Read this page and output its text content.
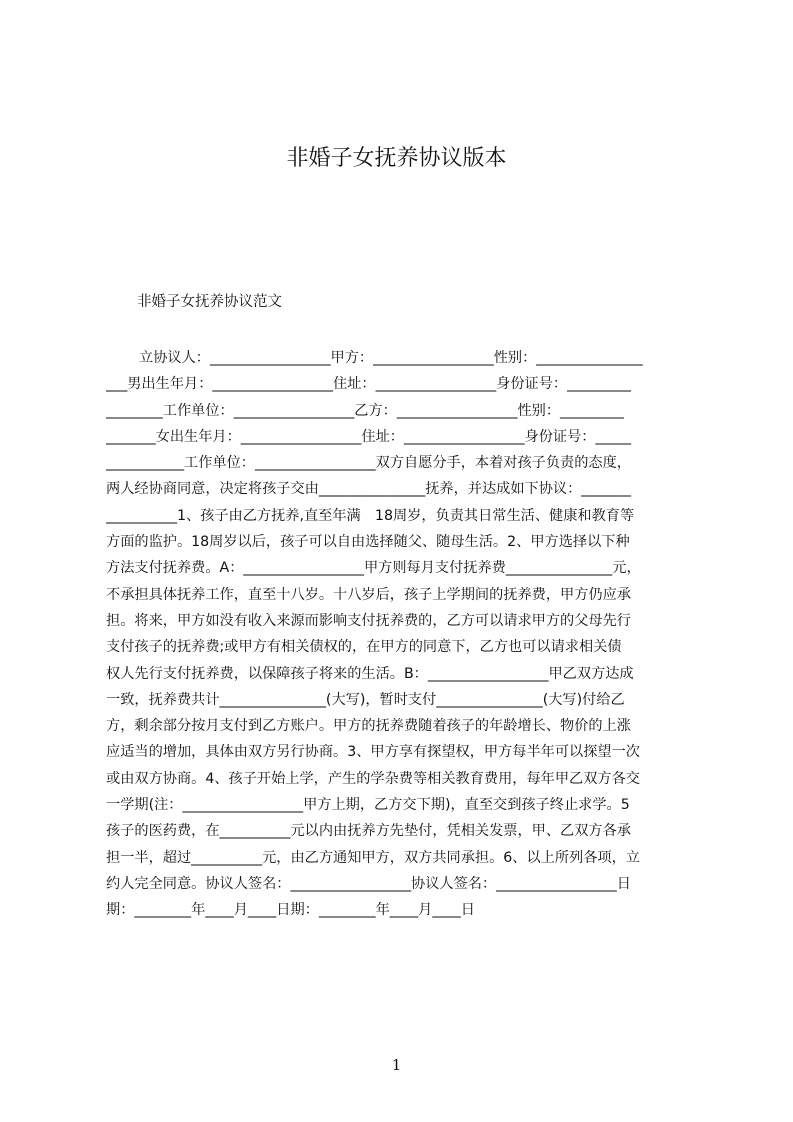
非婚子女抚养协议版本

非婚子女抚养协议范文

立协议人：_________________甲方：_________________性别：_______________
___男出生年月：_________________住址：_________________身份证号：_________
________工作单位：_________________乙方：_________________性别：_________
_______女出生年月：_________________住址：_________________身份证号：_____
___________工作单位：_________________双方自愿分手，本着对孩子负责的态度，
两人经协商同意，决定将孩子交由_______________抚养，并达成如下协议：_______
__________1、孩子由乙方抚养,直至年满　18周岁，负责其日常生活、健康和教育等
方面的监护。18周岁以后，孩子可以自由选择随父、随母生活。2、甲方选择以下种
方法支付抚养费。A：_________________甲方则每月支付抚养费_______________元，
不承担具体抚养工作，直至十八岁。十八岁后，孩子上学期间的抚养费，甲方仍应承
担。将来，甲方如没有收入来源而影响支付抚养费的，乙方可以请求甲方的父母先行
支付孩子的抚养费;或甲方有相关债权的，在甲方的同意下，乙方也可以请求相关债
权人先行支付抚养费，以保障孩子将来的生活。B：_________________甲乙双方达成
一致，抚养费共计_______________(大写)，暂时支付_______________(大写)付给乙
方，剩余部分按月支付到乙方账户。甲方的抚养费随着孩子的年龄增长、物价的上涨
应适当的增加，具体由双方另行协商。3、甲方享有探望权，甲方每半年可以探望一次
或由双方协商。4、孩子开始上学，产生的学杂费等相关教育费用，每年甲乙双方各交
一学期(注：_________________甲方上期，乙方交下期)，直至交到孩子终止求学。5
孩子的医药费，在__________元以内由抚养方先垫付，凭相关发票，甲、乙双方各承
担一半，超过__________元，由乙方通知甲方，双方共同承担。6、以上所列各项，立
约人完全同意。协议人签名：_________________协议人签名：_________________日
期：________年____月____日期：________年____月____日
1
